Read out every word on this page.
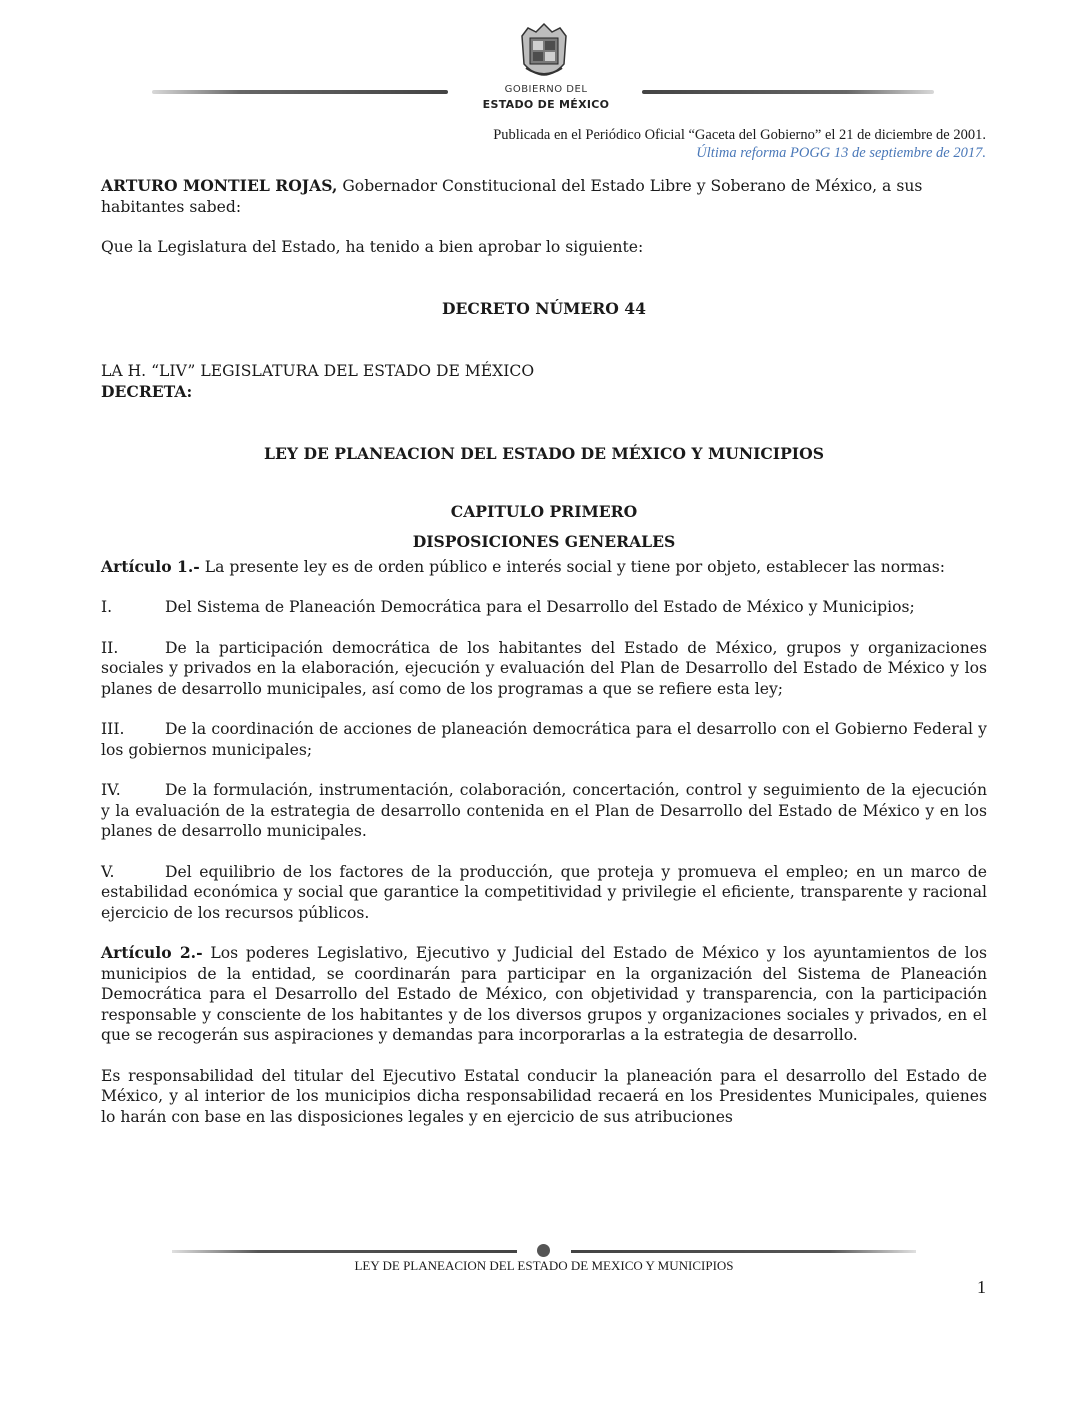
GOBIERNO DEL
ESTADO DE MÉXICO
Publicada en el Periódico Oficial “Gaceta del Gobierno” el 21 de diciembre de 2001.
Última reforma POGG 13 de septiembre de 2017.

ARTURO MONTIEL ROJAS, Gobernador Constitucional del Estado Libre y Soberano de México, a sus habitantes sabed:

Que la Legislatura del Estado, ha tenido a bien aprobar lo siguiente:

DECRETO NÚMERO 44

LA H. “LIV” LEGISLATURA DEL ESTADO DE MÉXICO

DECRETA:

LEY DE PLANEACION DEL ESTADO DE MÉXICO Y MUNICIPIOS

CAPITULO PRIMERO

DISPOSICIONES GENERALES

Artículo 1.- La presente ley es de orden público e interés social y tiene por objeto, establecer las normas:

I.	Del Sistema de Planeación Democrática para el Desarrollo del Estado de México y Municipios;

II.	De la participación democrática de los habitantes del Estado de México, grupos y organizaciones sociales y privados en la elaboración, ejecución y evaluación del Plan de Desarrollo del Estado de México y los planes de desarrollo municipales, así como de los programas a que se refiere esta ley;

III.	De la coordinación de acciones de planeación democrática para el desarrollo con el Gobierno Federal y los gobiernos municipales;

IV.	De la formulación, instrumentación, colaboración, concertación, control y seguimiento de la ejecución y la evaluación de la estrategia de desarrollo contenida en el Plan de Desarrollo del Estado de México y en los planes de desarrollo municipales.

V.	Del equilibrio de los factores de la producción, que proteja y promueva el empleo; en un marco de estabilidad económica y social que garantice la competitividad y privilegie el eficiente, transparente y racional ejercicio de los recursos públicos.

Artículo 2.- Los poderes Legislativo, Ejecutivo y Judicial del Estado de México y los ayuntamientos de los municipios de la entidad, se coordinarán para participar en la organización del Sistema de Planeación Democrática para el Desarrollo del Estado de México, con objetividad y transparencia, con la participación responsable y consciente de los habitantes y de los diversos grupos y organizaciones sociales y privados, en el que se recogerán sus aspiraciones y demandas para incorporarlas a la estrategia de desarrollo.

Es responsabilidad del titular del Ejecutivo Estatal conducir la planeación para el desarrollo del Estado de México, y al interior de los municipios dicha responsabilidad recaerá en los Presidentes Municipales, quienes lo harán con base en las disposiciones legales y en ejercicio de sus atribuciones

LEY DE PLANEACION DEL ESTADO DE MEXICO Y MUNICIPIOS
1
